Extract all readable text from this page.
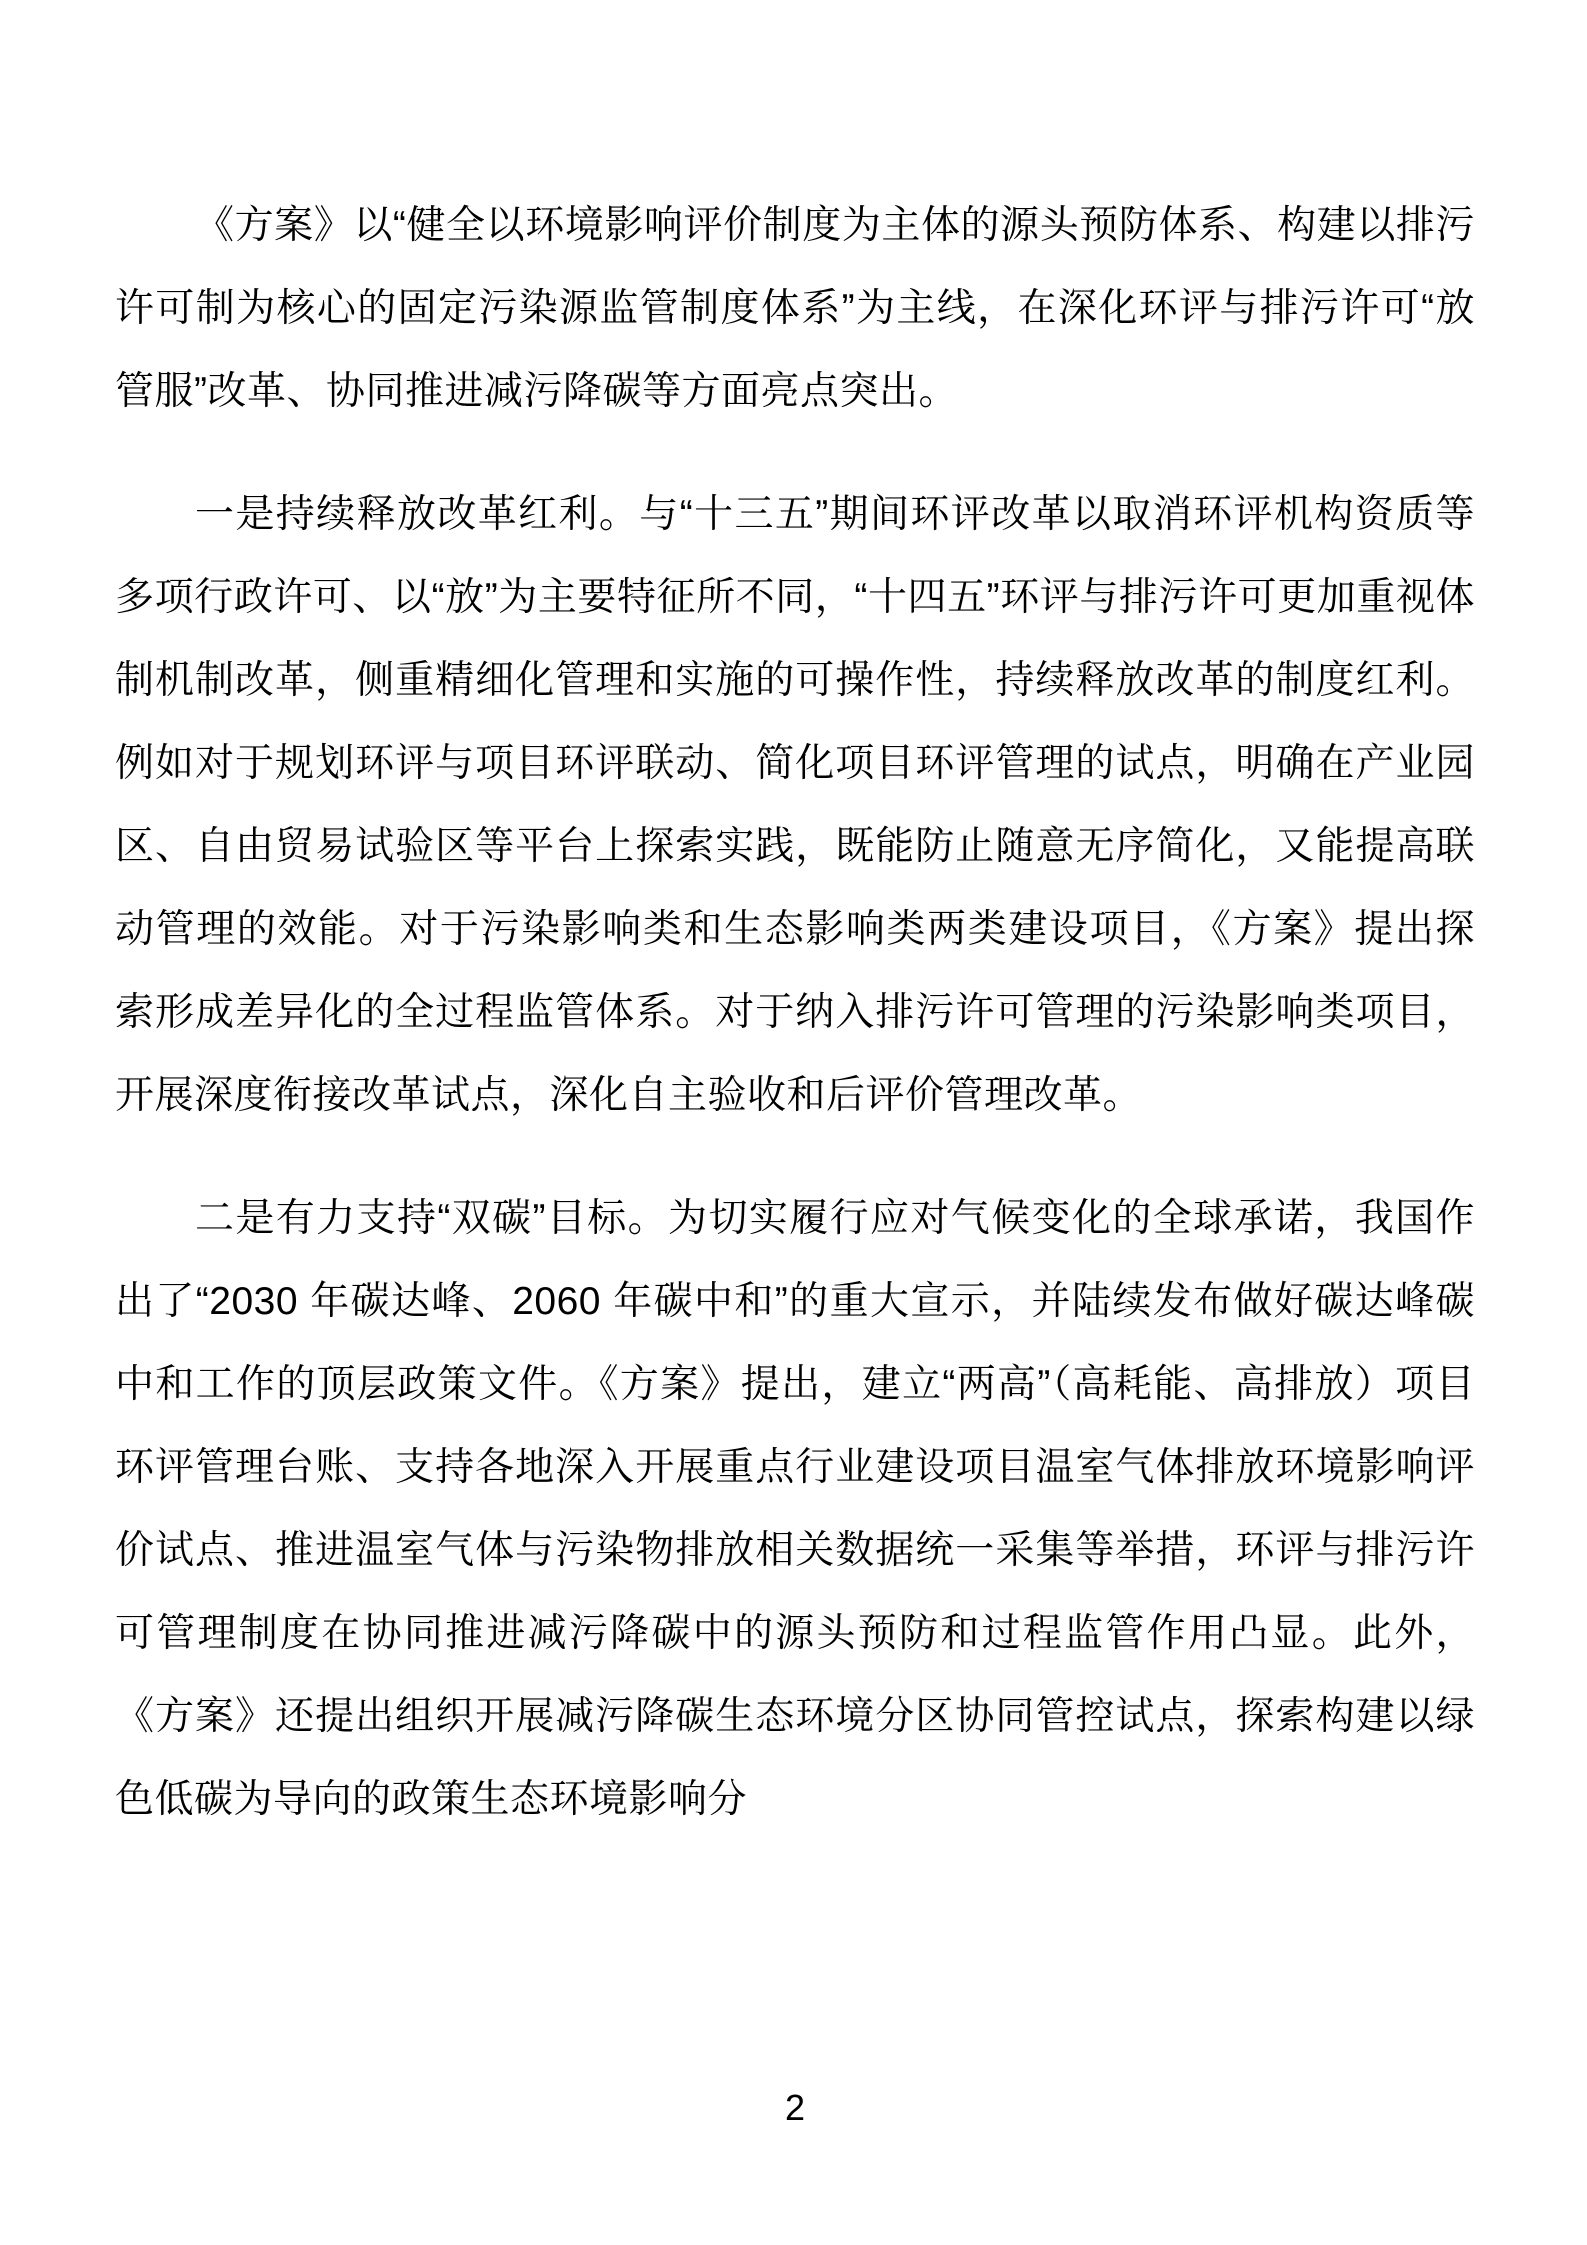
《方案》以“健全以环境影响评价制度为主体的源头预防体系、构建以排污许可制为核心的固定污染源监管制度体系”为主线，在深化环评与排污许可“放管服”改革、协同推进减污降碳等方面亮点突出。

一是持续释放改革红利。与“十三五”期间环评改革以取消环评机构资质等多项行政许可、以“放”为主要特征所不同，“十四五”环评与排污许可更加重视体制机制改革，侧重精细化管理和实施的可操作性，持续释放改革的制度红利。例如对于规划环评与项目环评联动、简化项目环评管理的试点，明确在产业园区、自由贸易试验区等平台上探索实践，既能防止随意无序简化，又能提高联动管理的效能。对于污染影响类和生态影响类两类建设项目，《方案》提出探索形成差异化的全过程监管体系。对于纳入排污许可管理的污染影响类项目，开展深度衔接改革试点，深化自主验收和后评价管理改革。

二是有力支持“双碳”目标。为切实履行应对气候变化的全球承诺，我国作出了“2030 年碳达峰、2060 年碳中和”的重大宣示，并陆续发布做好碳达峰碳中和工作的顶层政策文件。《方案》提出，建立“两高”（高耗能、高排放）项目环评管理台账、支持各地深入开展重点行业建设项目温室气体排放环境影响评价试点、推进温室气体与污染物排放相关数据统一采集等举措，环评与排污许可管理制度在协同推进减污降碳中的源头预防和过程监管作用凸显。此外，《方案》还提出组织开展减污降碳生态环境分区协同管控试点，探索构建以绿色低碳为导向的政策生态环境影响分

2
